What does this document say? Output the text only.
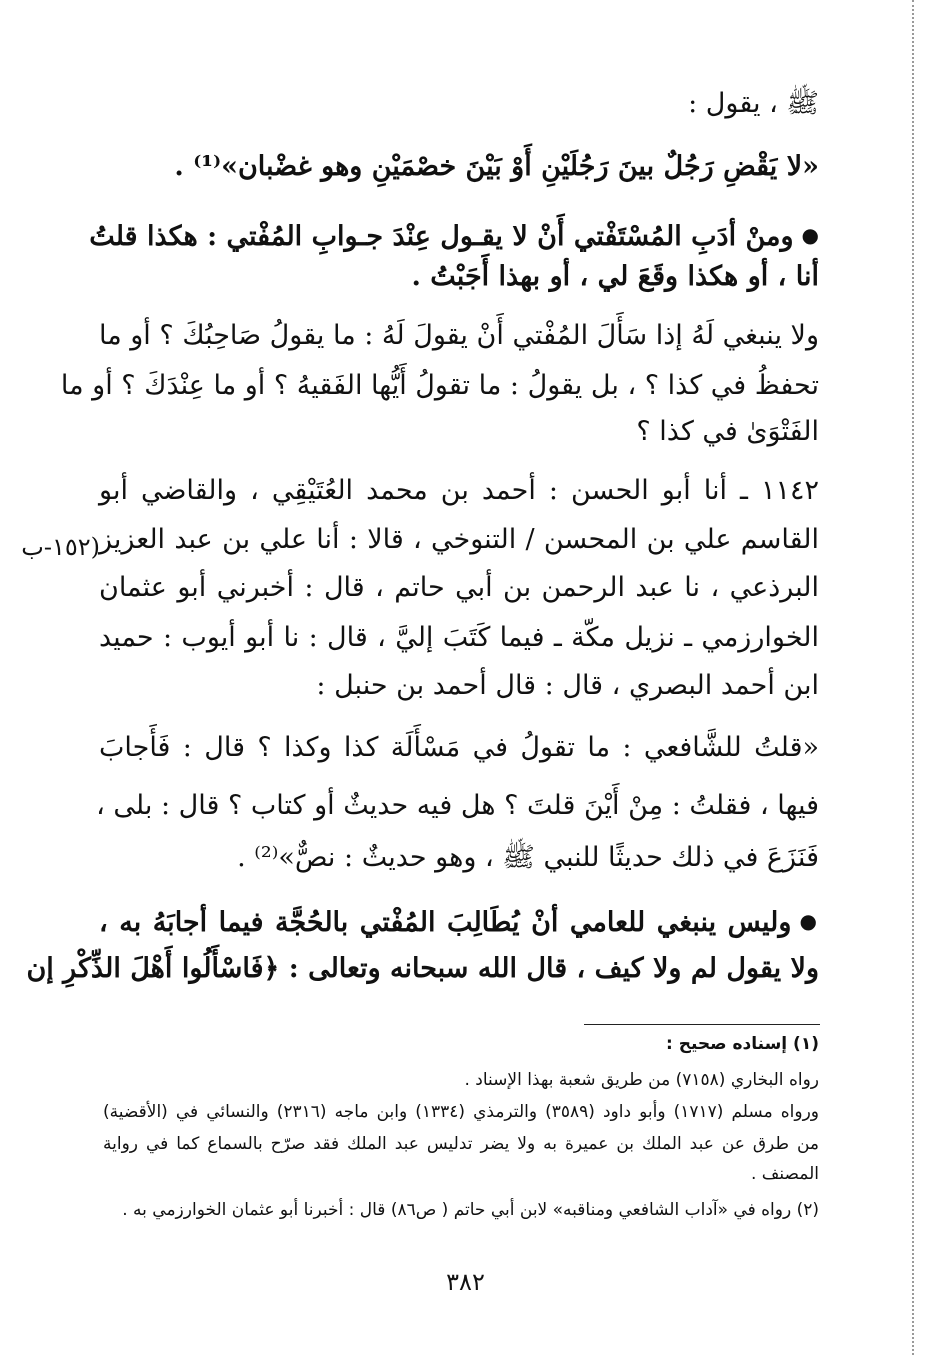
ﷺ ، يقول :
«لا يَقْضِ رَجُلٌ بينَ رَجُلَيْنِ أَوْ بَيْنَ خصْمَيْنِ وهو غضْبان»⁽¹⁾ .
● ومنْ أدَبِ المُسْتَفْتي أَنْ لا يقـول عِنْدَ جـوابِ المُفْتي : هكذا قلتُ
أنا ، أو هكذا وقَعَ لي ، أو بهذا أَجَبْتُ .
ولا ينبغي لَهُ إذا سَأَلَ المُفْتي أَنْ يقولَ لَهُ : ما يقولُ صَاحِبُكَ ؟ أو ما
تحفظُ في كذا ؟ ، بل يقولُ : ما تقولُ أَيُّها الفَقيهُ ؟ أو ما عِنْدَكَ ؟ أو ما
الفَتْوَىٰ في كذا ؟
١١٤٢ ـ أنا أبو الحسن : أحمد بن محمد العُتَيْقِي ، والقاضي أبو
القاسم علي بن المحسن / التنوخي ، قالا : أنا علي بن عبد العزيز
البرذعي ، نا عبد الرحمن بن أبي حاتم ، قال : أخبرني أبو عثمان
الخوارزمي ـ نزيل مكّة ـ فيما كَتَبَ إليَّ ، قال : نا أبو أيوب : حميد
ابن أحمد البصري ، قال : قال أحمد بن حنبل :
«قلتُ للشَّافعي : ما تقولُ في مَسْأَلَة كذا وكذا ؟ قال : فَأَجابَ
فيها ، فقلتُ : مِنْ أَيْنَ قلتَ ؟ هل فيه حديثٌ أو كتاب ؟ قال : بلى ،
فَنَزَعَ في ذلك حديثًا للنبي ﷺ ، وهو حديثٌ : نصٌّ»⁽²⁾ .
● وليس ينبغي للعامي أنْ يُطَالِبَ المُفْتي بالحُجَّة فيما أجابَهُ به ،
ولا يقول لم ولا كيف ، قال الله سبحانه وتعالى : ﴿فَاسْأَلُوا أَهْلَ الذِّكْرِ إن
(١٥٢-ب
(١) إسناده صحيح :
رواه البخاري (٧١٥٨) من طريق شعبة بهذا الإسناد .
ورواه مسلم (١٧١٧) وأبو داود (٣٥٨٩) والترمذي (١٣٣٤) وابن ماجه (٢٣١٦) والنسائي في (الأقضية)
من طرق عن عبد الملك بن عميرة به ولا يضر تدليس عبد الملك فقد صرّح بالسماع كما في رواية
المصنف .
(٢) رواه في «آداب الشافعي ومناقبه» لابن أبي حاتم ( ص٨٦) قال : أخبرنا أبو عثمان الخوارزمي به .
٣٨٢
